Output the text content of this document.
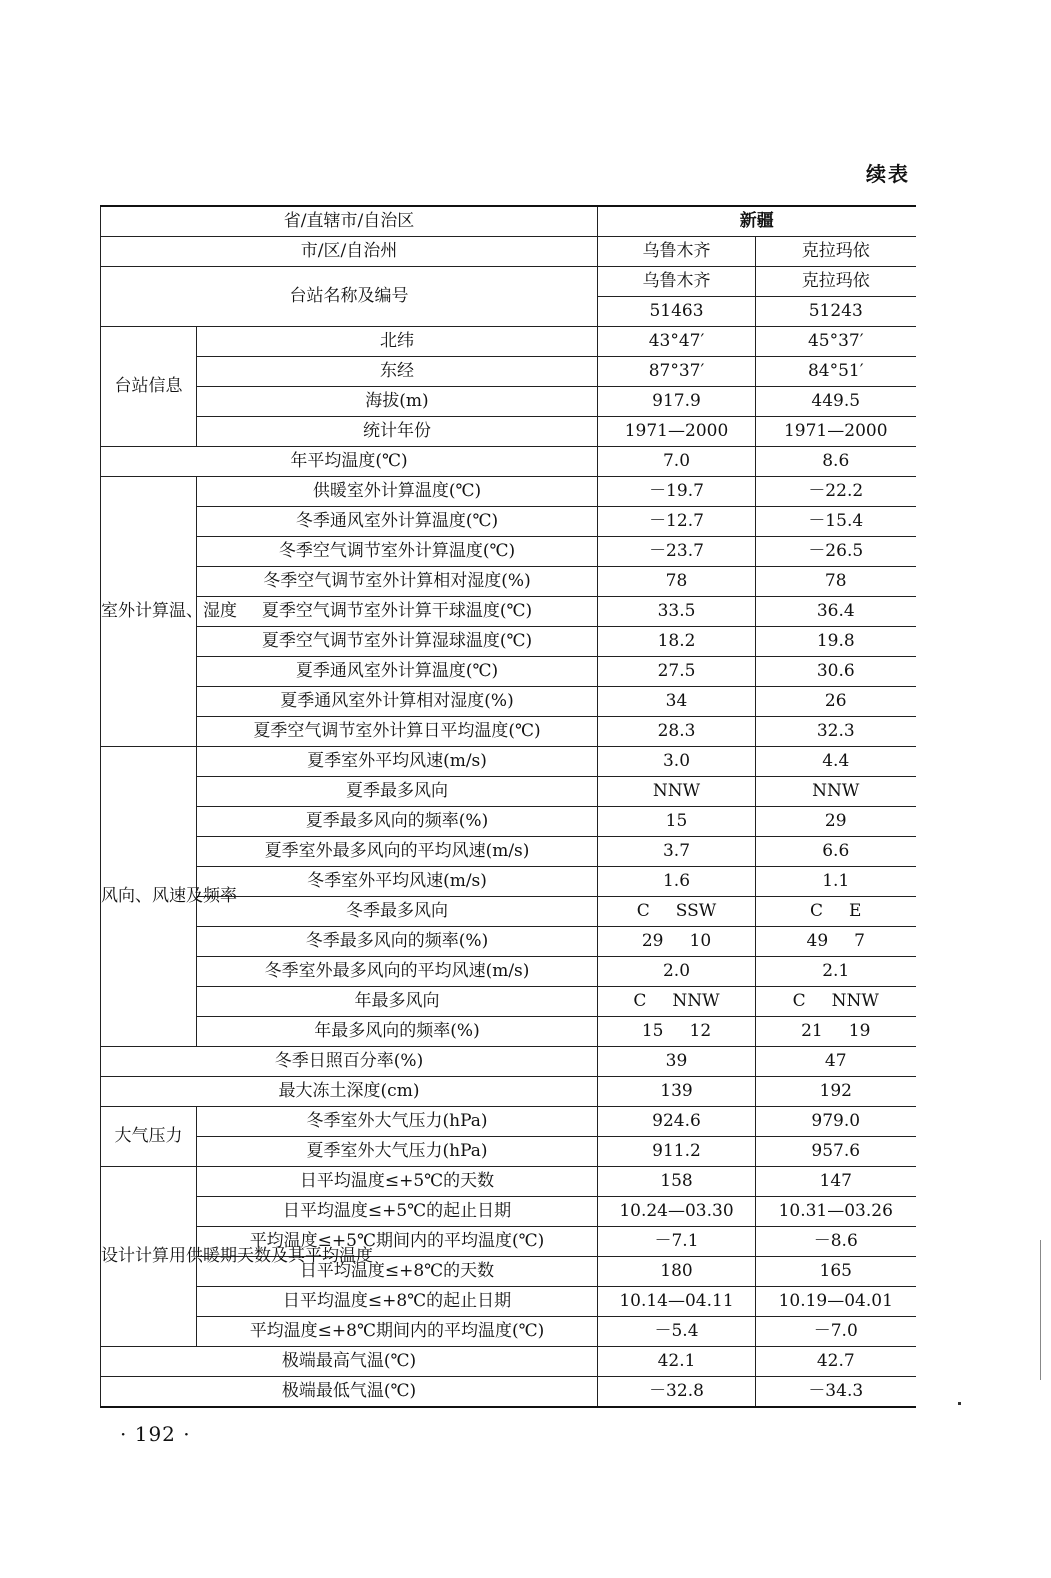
续表
省/直辖市/自治区		新疆	
市/区/自治州		乌鲁木齐	克拉玛依
台站名称及编号		乌鲁木齐	克拉玛依
		51463	51243
台站信息	北纬	43°47′	45°37′
	东经	87°37′	84°51′
	海拔(m)	917.9	449.5
	统计年份	1971—2000	1971—2000
年平均温度(℃)		7.0	8.6
室外计算温、湿度	供暖室外计算温度(℃)	－19.7	－22.2
	冬季通风室外计算温度(℃)	－12.7	－15.4
	冬季空气调节室外计算温度(℃)	－23.7	－26.5
	冬季空气调节室外计算相对湿度(%)	78	78
	夏季空气调节室外计算干球温度(℃)	33.5	36.4
	夏季空气调节室外计算湿球温度(℃)	18.2	19.8
	夏季通风室外计算温度(℃)	27.5	30.6
	夏季通风室外计算相对湿度(%)	34	26
	夏季空气调节室外计算日平均温度(℃)	28.3	32.3
风向、风速及频率	夏季室外平均风速(m/s)	3.0	4.4
	夏季最多风向	NNW	NNW
	夏季最多风向的频率(%)	15	29
	夏季室外最多风向的平均风速(m/s)	3.7	6.6
	冬季室外平均风速(m/s)	1.6	1.1
	冬季最多风向	C SSW	C E
	冬季最多风向的频率(%)	29 10	49 7
	冬季室外最多风向的平均风速(m/s)	2.0	2.1
	年最多风向	C NNW	C NNW
	年最多风向的频率(%)	15 12	21 19
冬季日照百分率(%)		39	47
最大冻土深度(cm)		139	192
大气压力	冬季室外大气压力(hPa)	924.6	979.0
	夏季室外大气压力(hPa)	911.2	957.6
设计计算用供暖期天数及其平均温度	日平均温度≤+5℃的天数	158	147
	日平均温度≤+5℃的起止日期	10.24—03.30	10.31—03.26
	平均温度≤+5℃期间内的平均温度(℃)	－7.1	－8.6
	日平均温度≤+8℃的天数	180	165
	日平均温度≤+8℃的起止日期	10.14—04.11	10.19—04.01
	平均温度≤+8℃期间内的平均温度(℃)	－5.4	－7.0
极端最高气温(℃)		42.1	42.7
极端最低气温(℃)		－32.8	－34.3
· 192 ·
